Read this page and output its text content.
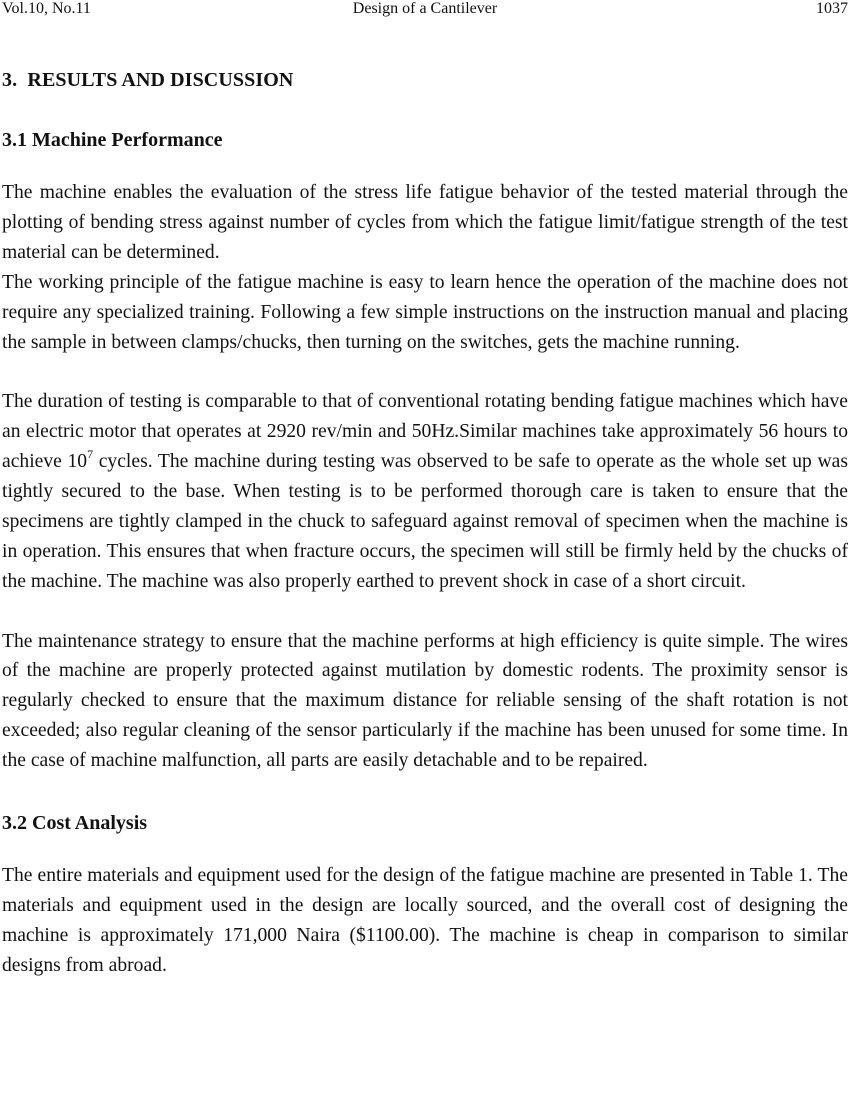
Vol.10, No.11	Design of a Cantilever	1037
3.  RESULTS AND DISCUSSION
3.1 Machine Performance

The machine enables the evaluation of the stress life fatigue behavior of the tested material through the plotting of bending stress against number of cycles from which the fatigue limit/fatigue strength of the test material can be determined.

The working principle of the fatigue machine is easy to learn hence the operation of the machine does not require any specialized training. Following a few simple instructions on the instruction manual and placing the sample in between clamps/chucks, then turning on the switches, gets the machine running.

The duration of testing is comparable to that of conventional rotating bending fatigue machines which have an electric motor that operates at 2920 rev/min and 50Hz.Similar machines take approximately 56 hours to achieve $10^7$ cycles. The machine during testing was observed to be safe to operate as the whole set up was tightly secured to the base. When testing is to be performed thorough care is taken to ensure that the specimens are tightly clamped in the chuck to safeguard against removal of specimen when the machine is in operation. This ensures that when fracture occurs, the specimen will still be firmly held by the chucks of the machine. The machine was also properly earthed to prevent shock in case of a short circuit.

The maintenance strategy to ensure that the machine performs at high efficiency is quite simple. The wires of the machine are properly protected against mutilation by domestic rodents. The proximity sensor is regularly checked to ensure that the maximum distance for reliable sensing of the shaft rotation is not exceeded; also regular cleaning of the sensor particularly if the machine has been unused for some time. In the case of machine malfunction, all parts are easily detachable and to be repaired.

3.2 Cost Analysis

The entire materials and equipment used for the design of the fatigue machine are presented in Table 1. The materials and equipment used in the design are locally sourced, and the overall cost of designing the machine is approximately 171,000 Naira ($1100.00). The machine is cheap in comparison to similar designs from abroad.
